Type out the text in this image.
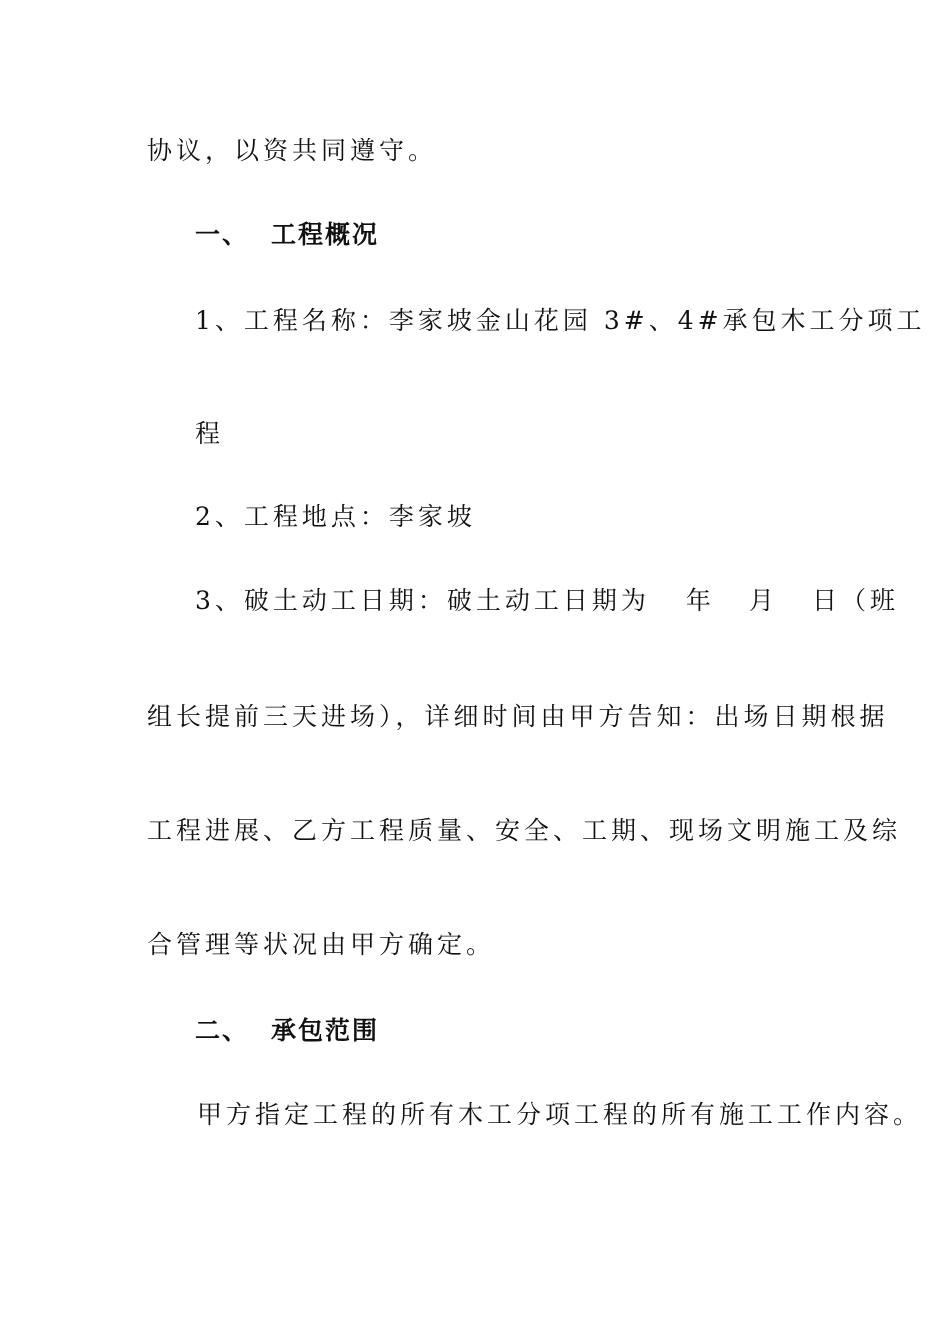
协议，以资共同遵守。
一、 工程概况
1、工程名称：李家坡金山花园 3#、4#承包木工分项工
程
2、工程地点：李家坡
3、破土动工日期：破土动工日期为 年 月 日（班
组长提前三天进场），详细时间由甲方告知：出场日期根据
工程进展、乙方工程质量、安全、工期、现场文明施工及综
合管理等状况由甲方确定。
二、 承包范围
甲方指定工程的所有木工分项工程的所有施工工作内容。
